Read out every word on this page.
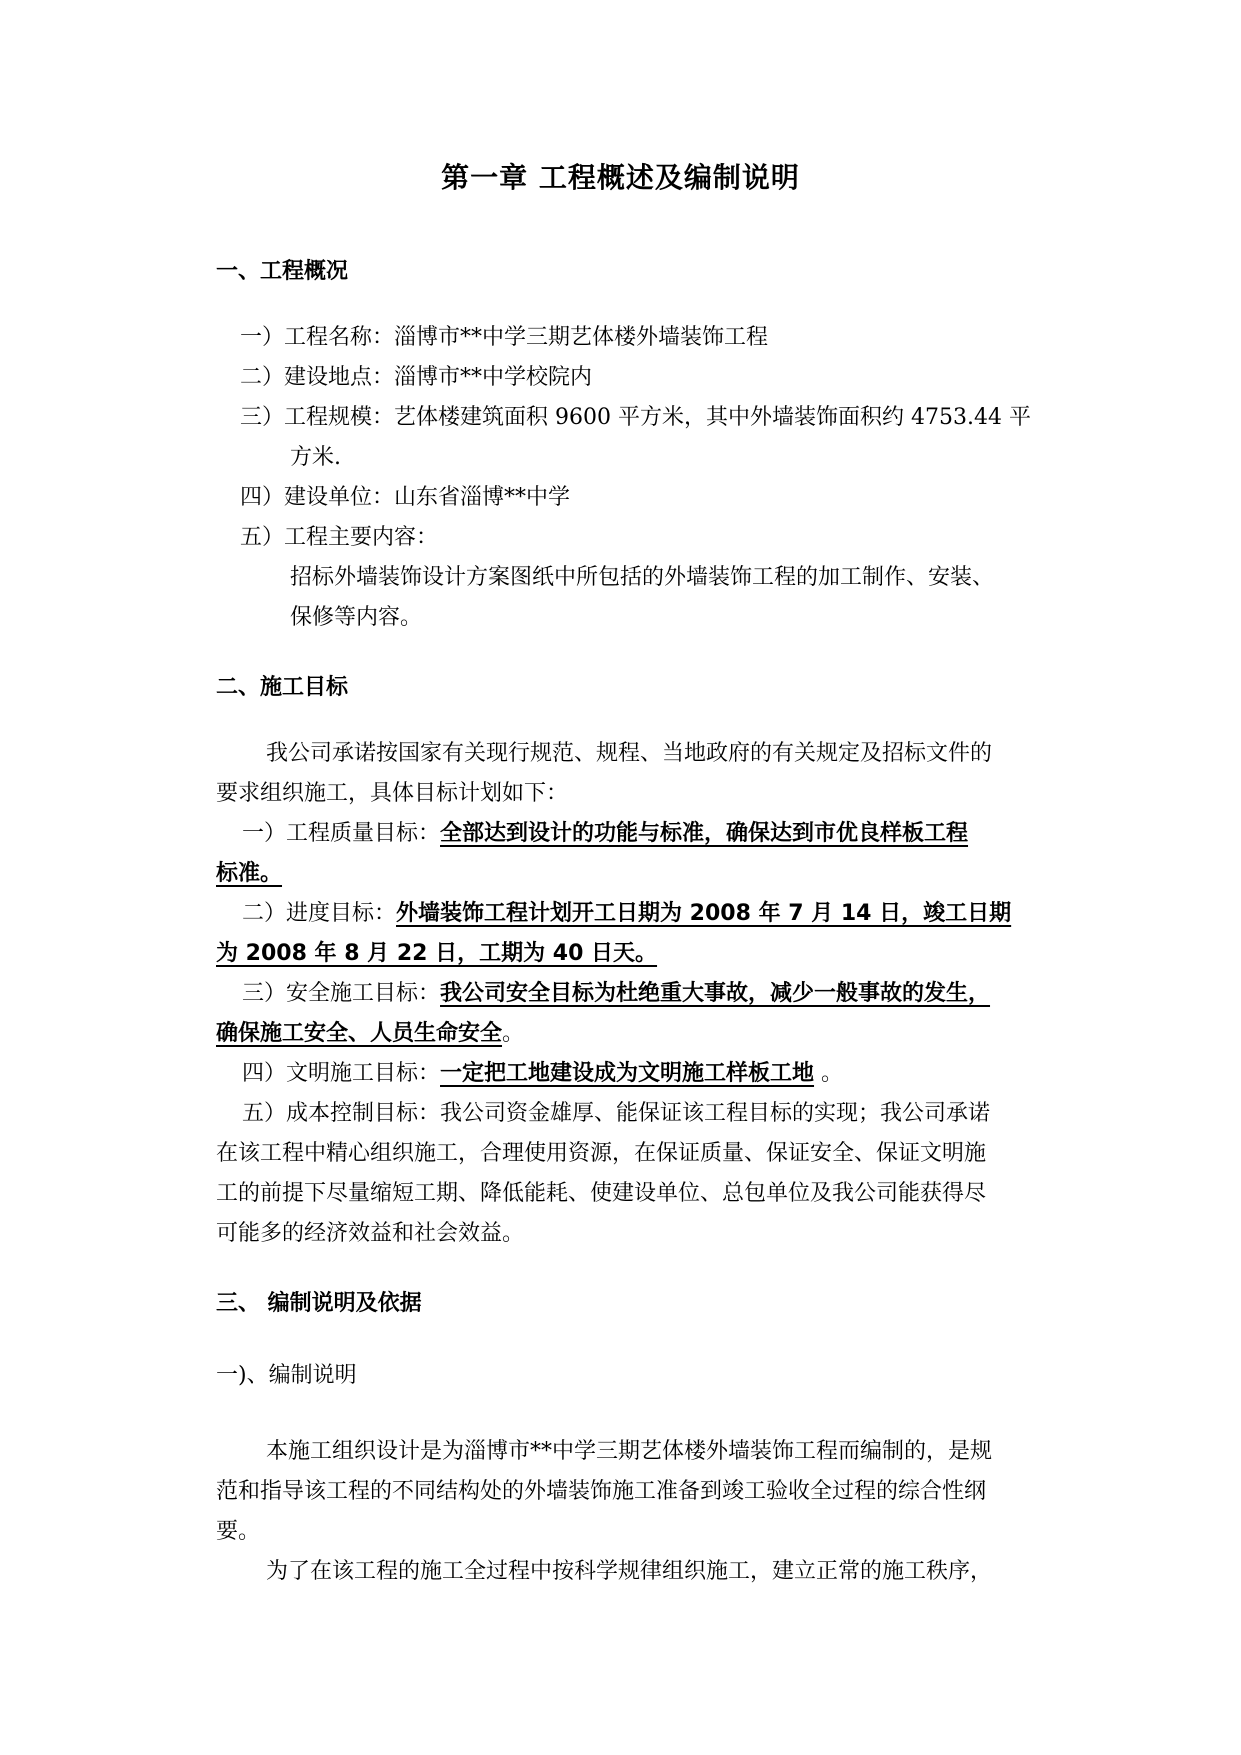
第一章 工程概述及编制说明
一、工程概况
一）工程名称：淄博市**中学三期艺体楼外墙装饰工程
二）建设地点：淄博市**中学校院内
三）工程规模：艺体楼建筑面积 9600 平方米，其中外墙装饰面积约 4753.44 平
方米.
四）建设单位：山东省淄博**中学
五）工程主要内容：
招标外墙装饰设计方案图纸中所包括的外墙装饰工程的加工制作、安装、
保修等内容。
二、施工目标
我公司承诺按国家有关现行规范、规程、当地政府的有关规定及招标文件的
要求组织施工，具体目标计划如下：
一）工程质量目标：全部达到设计的功能与标准，确保达到市优良样板工程
标准。
二）进度目标：外墙装饰工程计划开工日期为 2008 年 7 月 14 日，竣工日期
为 2008 年 8 月 22 日，工期为 40 日天。
三）安全施工目标：我公司安全目标为杜绝重大事故，减少一般事故的发生，
确保施工安全、人员生命安全。
四）文明施工目标：一定把工地建设成为文明施工样板工地 。
五）成本控制目标：我公司资金雄厚、能保证该工程目标的实现；我公司承诺
在该工程中精心组织施工，合理使用资源，在保证质量、保证安全、保证文明施
工的前提下尽量缩短工期、降低能耗、使建设单位、总包单位及我公司能获得尽
可能多的经济效益和社会效益。
三、 编制说明及依据
一)、编制说明
本施工组织设计是为淄博市**中学三期艺体楼外墙装饰工程而编制的，是规
范和指导该工程的不同结构处的外墙装饰施工准备到竣工验收全过程的综合性纲
要。
为了在该工程的施工全过程中按科学规律组织施工，建立正常的施工秩序，
